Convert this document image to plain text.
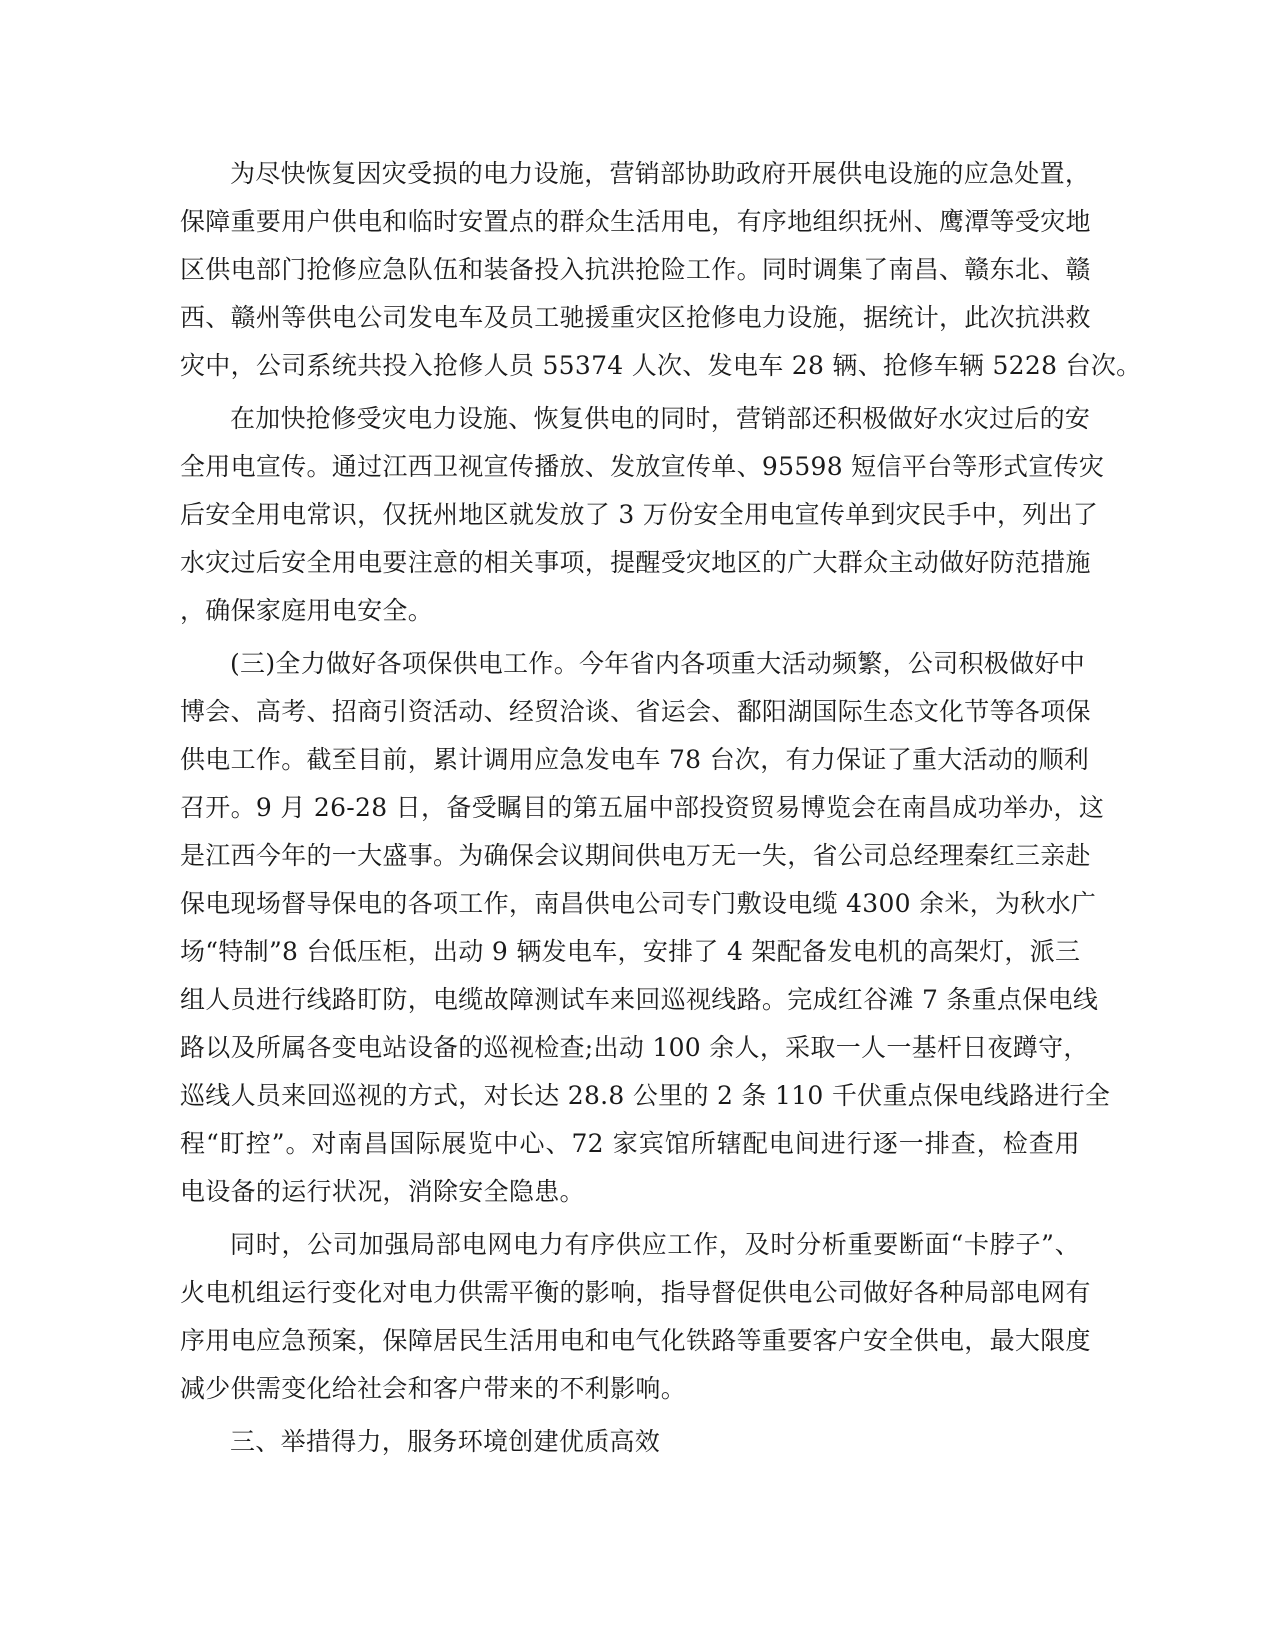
为尽快恢复因灾受损的电力设施，营销部协助政府开展供电设施的应急处置，
保障重要用户供电和临时安置点的群众生活用电，有序地组织抚州、鹰潭等受灾地
区供电部门抢修应急队伍和装备投入抗洪抢险工作。同时调集了南昌、赣东北、赣
西、赣州等供电公司发电车及员工驰援重灾区抢修电力设施，据统计，此次抗洪救
灾中，公司系统共投入抢修人员 55374 人次、发电车 28 辆、抢修车辆 5228 台次。
在加快抢修受灾电力设施、恢复供电的同时，营销部还积极做好水灾过后的安
全用电宣传。通过江西卫视宣传播放、发放宣传单、95598 短信平台等形式宣传灾
后安全用电常识，仅抚州地区就发放了 3 万份安全用电宣传单到灾民手中，列出了
水灾过后安全用电要注意的相关事项，提醒受灾地区的广大群众主动做好防范措施
，确保家庭用电安全。
(三)全力做好各项保供电工作。今年省内各项重大活动频繁，公司积极做好中
博会、高考、招商引资活动、经贸洽谈、省运会、鄱阳湖国际生态文化节等各项保
供电工作。截至目前，累计调用应急发电车 78 台次，有力保证了重大活动的顺利
召开。9 月 26-28 日，备受瞩目的第五届中部投资贸易博览会在南昌成功举办，这
是江西今年的一大盛事。为确保会议期间供电万无一失，省公司总经理秦红三亲赴
保电现场督导保电的各项工作，南昌供电公司专门敷设电缆 4300 余米，为秋水广
场“特制”8 台低压柜，出动 9 辆发电车，安排了 4 架配备发电机的高架灯，派三
组人员进行线路盯防，电缆故障测试车来回巡视线路。完成红谷滩 7 条重点保电线
路以及所属各变电站设备的巡视检查;出动 100 余人，采取一人一基杆日夜蹲守，
巡线人员来回巡视的方式，对长达 28.8 公里的 2 条 110 千伏重点保电线路进行全
程“盯控”。对南昌国际展览中心、72 家宾馆所辖配电间进行逐一排查，检查用
电设备的运行状况，消除安全隐患。
同时，公司加强局部电网电力有序供应工作，及时分析重要断面“卡脖子”、
火电机组运行变化对电力供需平衡的影响，指导督促供电公司做好各种局部电网有
序用电应急预案，保障居民生活用电和电气化铁路等重要客户安全供电，最大限度
减少供需变化给社会和客户带来的不利影响。
三、举措得力，服务环境创建优质高效
